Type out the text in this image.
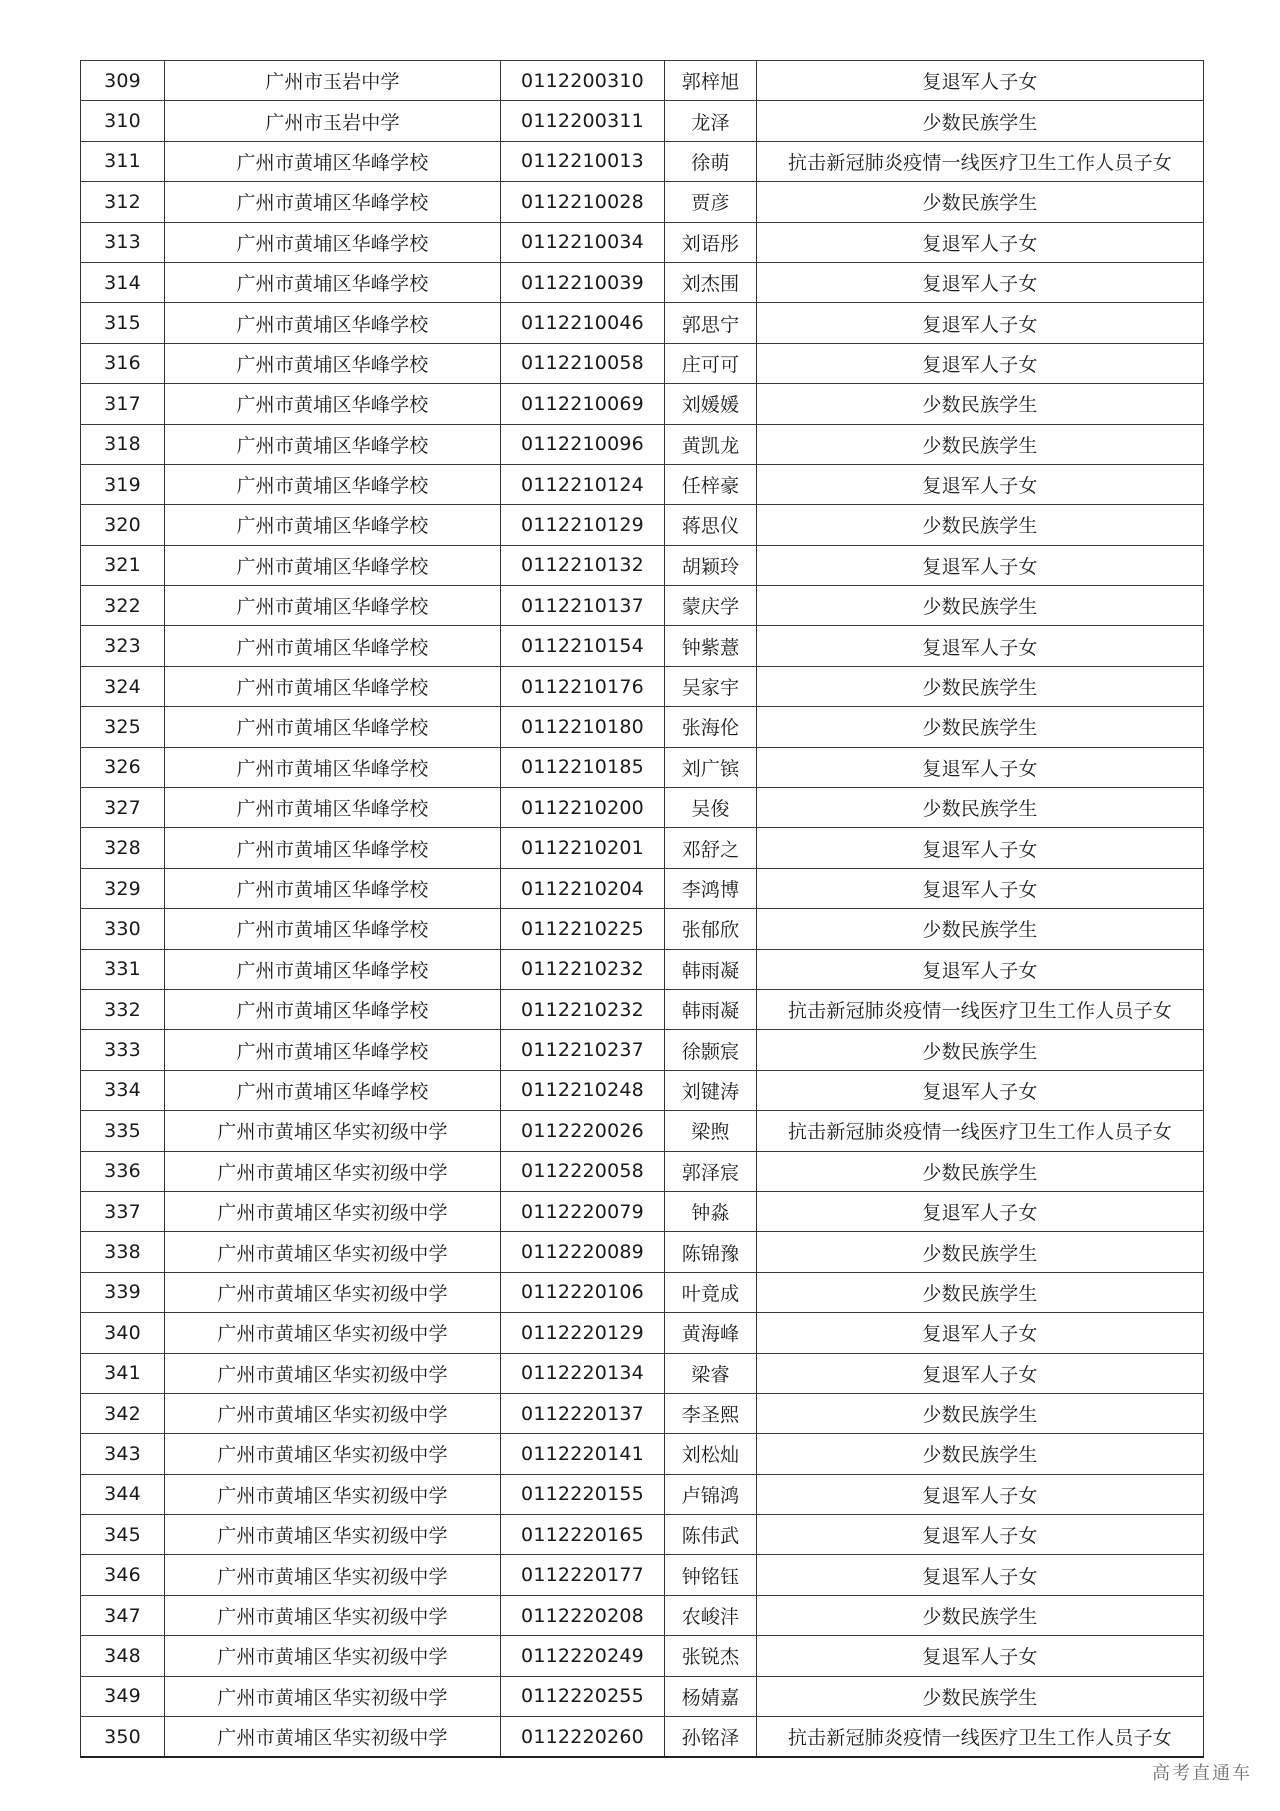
309	广州市玉岩中学	0112200310	郭梓旭	复退军人子女
310	广州市玉岩中学	0112200311	龙泽	少数民族学生
311	广州市黄埔区华峰学校	0112210013	徐萌	抗击新冠肺炎疫情一线医疗卫生工作人员子女
312	广州市黄埔区华峰学校	0112210028	贾彦	少数民族学生
313	广州市黄埔区华峰学校	0112210034	刘语彤	复退军人子女
314	广州市黄埔区华峰学校	0112210039	刘杰围	复退军人子女
315	广州市黄埔区华峰学校	0112210046	郭思宁	复退军人子女
316	广州市黄埔区华峰学校	0112210058	庄可可	复退军人子女
317	广州市黄埔区华峰学校	0112210069	刘媛媛	少数民族学生
318	广州市黄埔区华峰学校	0112210096	黄凯龙	少数民族学生
319	广州市黄埔区华峰学校	0112210124	任梓豪	复退军人子女
320	广州市黄埔区华峰学校	0112210129	蒋思仪	少数民族学生
321	广州市黄埔区华峰学校	0112210132	胡颖玲	复退军人子女
322	广州市黄埔区华峰学校	0112210137	蒙庆学	少数民族学生
323	广州市黄埔区华峰学校	0112210154	钟紫薏	复退军人子女
324	广州市黄埔区华峰学校	0112210176	吴家宇	少数民族学生
325	广州市黄埔区华峰学校	0112210180	张海伦	少数民族学生
326	广州市黄埔区华峰学校	0112210185	刘广镔	复退军人子女
327	广州市黄埔区华峰学校	0112210200	吴俊	少数民族学生
328	广州市黄埔区华峰学校	0112210201	邓舒之	复退军人子女
329	广州市黄埔区华峰学校	0112210204	李鸿博	复退军人子女
330	广州市黄埔区华峰学校	0112210225	张郁欣	少数民族学生
331	广州市黄埔区华峰学校	0112210232	韩雨凝	复退军人子女
332	广州市黄埔区华峰学校	0112210232	韩雨凝	抗击新冠肺炎疫情一线医疗卫生工作人员子女
333	广州市黄埔区华峰学校	0112210237	徐颢宸	少数民族学生
334	广州市黄埔区华峰学校	0112210248	刘键涛	复退军人子女
335	广州市黄埔区华实初级中学	0112220026	梁煦	抗击新冠肺炎疫情一线医疗卫生工作人员子女
336	广州市黄埔区华实初级中学	0112220058	郭泽宸	少数民族学生
337	广州市黄埔区华实初级中学	0112220079	钟淼	复退军人子女
338	广州市黄埔区华实初级中学	0112220089	陈锦豫	少数民族学生
339	广州市黄埔区华实初级中学	0112220106	叶竟成	少数民族学生
340	广州市黄埔区华实初级中学	0112220129	黄海峰	复退军人子女
341	广州市黄埔区华实初级中学	0112220134	梁睿	复退军人子女
342	广州市黄埔区华实初级中学	0112220137	李圣熙	少数民族学生
343	广州市黄埔区华实初级中学	0112220141	刘松灿	少数民族学生
344	广州市黄埔区华实初级中学	0112220155	卢锦鸿	复退军人子女
345	广州市黄埔区华实初级中学	0112220165	陈伟武	复退军人子女
346	广州市黄埔区华实初级中学	0112220177	钟铭钰	复退军人子女
347	广州市黄埔区华实初级中学	0112220208	农峻沣	少数民族学生
348	广州市黄埔区华实初级中学	0112220249	张锐杰	复退军人子女
349	广州市黄埔区华实初级中学	0112220255	杨婧嘉	少数民族学生
350	广州市黄埔区华实初级中学	0112220260	孙铭泽	抗击新冠肺炎疫情一线医疗卫生工作人员子女
高考直通车
